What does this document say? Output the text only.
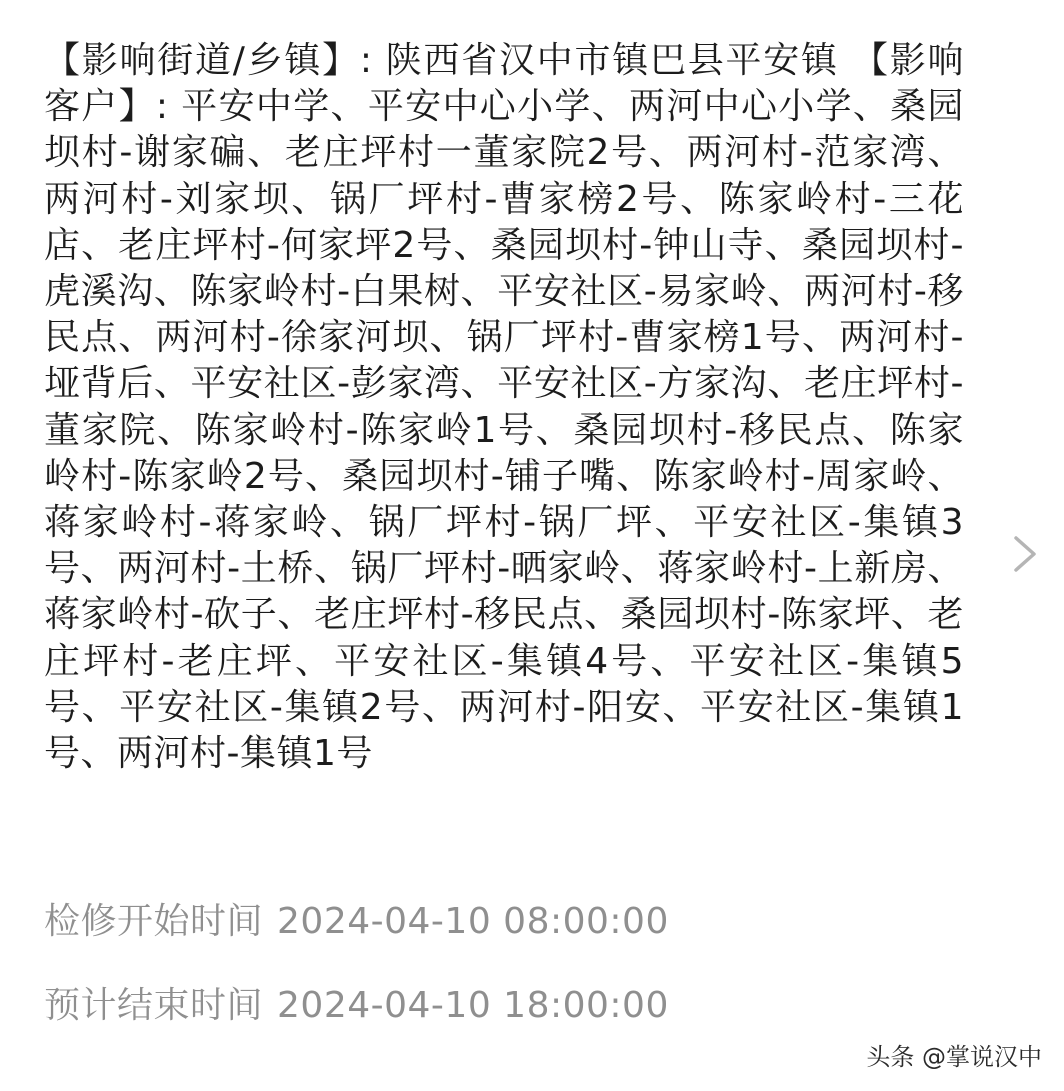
【影响街道/乡镇】: 陕西省汉中市镇巴县平安镇 【影响客户】: 平安中学、平安中心小学、两河中心小学、桑园坝村-谢家碥、老庄坪村一董家院2号、两河村-范家湾、两河村-刘家坝、锅厂坪村-曹家榜2号、陈家岭村-三花店、老庄坪村-何家坪2号、桑园坝村-钟山寺、桑园坝村-虎溪沟、陈家岭村-白果树、平安社区-易家岭、两河村-移民点、两河村-徐家河坝、锅厂坪村-曹家榜1号、两河村-垭背后、平安社区-彭家湾、平安社区-方家沟、老庄坪村-董家院、陈家岭村-陈家岭1号、桑园坝村-移民点、陈家岭村-陈家岭2号、桑园坝村-铺子嘴、陈家岭村-周家岭、蒋家岭村-蒋家岭、锅厂坪村-锅厂坪、平安社区-集镇3号、两河村-土桥、锅厂坪村-晒家岭、蒋家岭村-上新房、蒋家岭村-砍子、老庄坪村-移民点、桑园坝村-陈家坪、老庄坪村-老庄坪、平安社区-集镇4号、平安社区-集镇5号、平安社区-集镇2号、两河村-阳安、平安社区-集镇1号、两河村-集镇1号

检修开始时间 2024-04-10 08:00:00
预计结束时间 2024-04-10 18:00:00
头条 @掌说汉中
